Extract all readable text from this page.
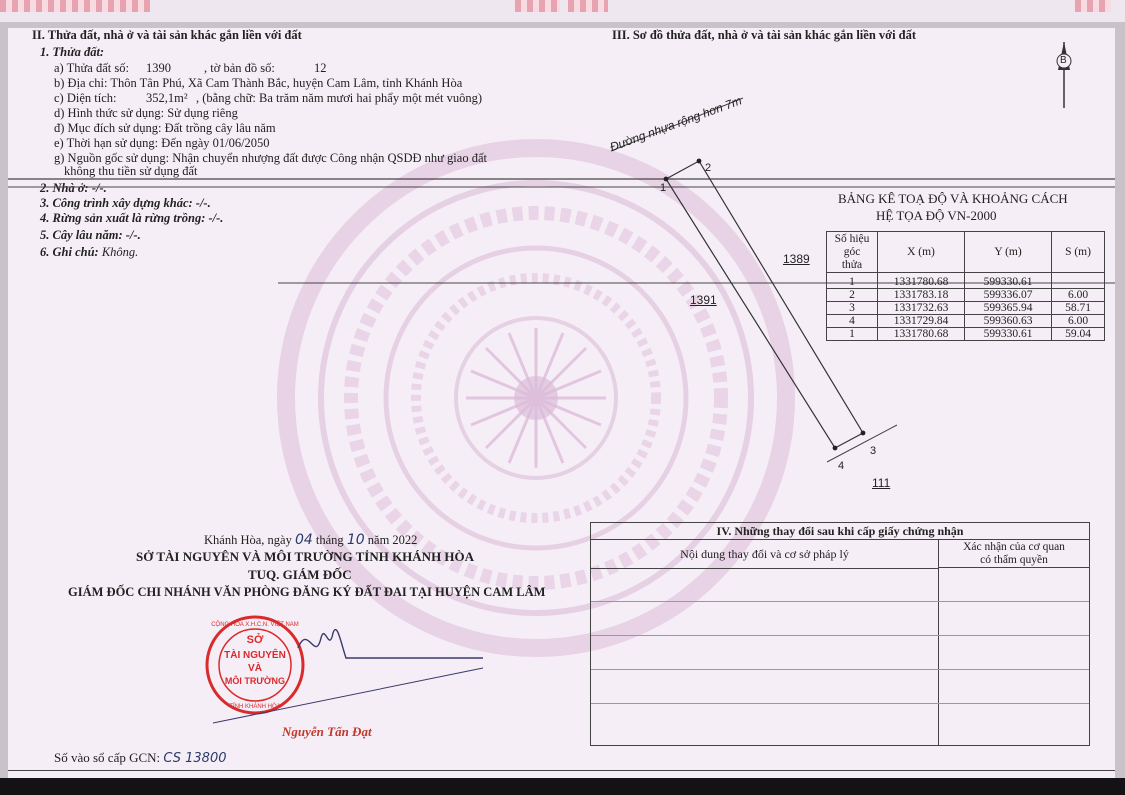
II. Thửa đất, nhà ở và tài sản khác gắn liền với đất
1. Thửa đất:
a) Thửa đất số: 1390	, tờ bản đồ số:	12
b) Địa chỉ: Thôn Tân Phú, Xã Cam Thành Bắc, huyện Cam Lâm, tỉnh Khánh Hòa
c) Diện tích: 352,1m² , (bằng chữ: Ba trăm năm mươi hai phẩy một mét vuông)
d) Hình thức sử dụng: Sử dụng riêng
đ) Mục đích sử dụng: Đất trồng cây lâu năm
e) Thời hạn sử dụng: Đến ngày 01/06/2050
g) Nguồn gốc sử dụng: Nhận chuyển nhượng đất được Công nhận QSDĐ như giao đất
không thu tiền sử dụng đất
2. Nhà ở: -/-.
3. Công trình xây dựng khác: -/-.
4. Rừng sản xuất là rừng trồng: -/-.
5. Cây lâu năm: -/-.
6. Ghi chú: Không.
III. Sơ đồ thửa đất, nhà ở và tài sản khác gắn liền với đất
B
Đường nhựa rộng hơn 7m
1
2
3
4
1389
1391
111
BẢNG KÊ TOẠ ĐỘ VÀ KHOẢNG CÁCH
HỆ TỌA ĐỘ VN-2000
Số hiệu góc thửa	X (m)	Y (m)	S (m)
1	1331780.68	599330.61	
2	1331783.18	599336.07	6.00
3	1331732.63	599365.94	58.71
4	1331729.84	599360.63	6.00
1	1331780.68	599330.61	59.04
Khánh Hòa, ngày 04 tháng 10 năm 2022
SỞ TÀI NGUYÊN VÀ MÔI TRƯỜNG TỈNH KHÁNH HÒA
TUQ. GIÁM ĐỐC
GIÁM ĐỐC CHI NHÁNH VĂN PHÒNG ĐĂNG KÝ ĐẤT ĐAI TẠI HUYỆN CAM LÂM
SỞ
TÀI NGUYÊN
VÀ
MÔI TRƯỜNG
CỘNG HÒA X.H.C.N. VIỆT NAM
TỈNH KHÁNH HÒA
Nguyễn Tấn Đạt
IV. Những thay đổi sau khi cấp giấy chứng nhận
Nội dung thay đổi và cơ sở pháp lý	Xác nhận của cơ quan
có thẩm quyền
Số vào sổ cấp GCN: CS 13800
